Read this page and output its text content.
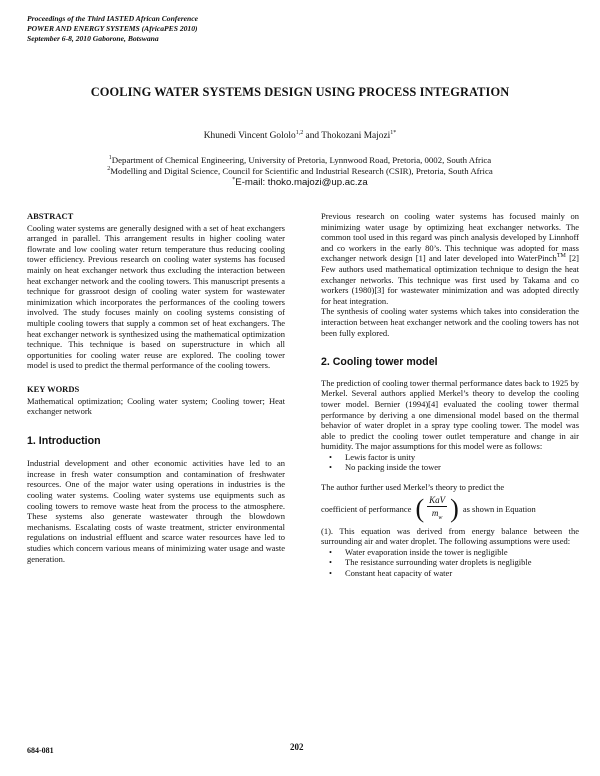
Proceedings of the Third IASTED African Conference
POWER AND ENERGY SYSTEMS (AfricaPES 2010)
September 6-8, 2010 Gaborone, Botswana
COOLING WATER SYSTEMS DESIGN USING PROCESS INTEGRATION
Khunedi Vincent Gololo$^{1,2}$ and Thokozani Majozi$^{1*}$
$^1$Department of Chemical Engineering, University of Pretoria, Lynnwood Road, Pretoria, 0002, South Africa
$^2$Modelling and Digital Science, Council for Scientific and Industrial Research (CSIR), Pretoria, South Africa
*E-mail: thoko.majozi@up.ac.za
ABSTRACT

Cooling water systems are generally designed with a set of heat exchangers arranged in parallel. This arrangement results in higher cooling water flowrate and low cooling water return temperature thus reducing cooling tower efficiency. Previous research on cooling water systems has focused mainly on heat exchanger network thus excluding the interaction between heat exchanger network and the cooling towers. This manuscript presents a technique for grassroot design of cooling water system for wastewater minimization which incorporates the performances of the cooling towers involved. The study focuses mainly on cooling systems consisting of multiple cooling towers that supply a common set of heat exchangers. The heat exchanger network is synthesized using the mathematical optimization technique. This technique is based on superstructure in which all opportunities for cooling water reuse are explored. The cooling tower model is used to predict the thermal performance of the cooling towers.

KEY WORDS

Mathematical optimization; Cooling water system; Cooling tower; Heat exchanger network

1. Introduction

Industrial development and other economic activities have led to an increase in fresh water consumption and contamination of freshwater resources. One of the major water using operations in industries is the cooling water systems. Cooling water systems use equipments such as cooling towers to remove waste heat from the process to the atmosphere. These systems also generate wastewater through the blowdown mechanisms. Escalating costs of waste treatment, stricter environmental regulations on industrial effluent and scarce water resources have led to studies which concern various means of minimizing water usage and waste generation.

Previous research on cooling water systems has focused mainly on minimizing water usage by optimizing heat exchanger networks. The common tool used in this regard was pinch analysis developed by Linnhoff and co workers in the early 80’s. This technique was adopted for mass exchanger network design [1] and later developed into WaterPinch™ [2] Few authors used mathematical optimization technique to design the heat exchanger networks. This technique was first used by Takama and co workers (1980)[3] for wastewater minimization and was adopted directly for heat integration.

The synthesis of cooling water systems which takes into consideration the interaction between heat exchanger network and the cooling towers has not been fully explored.

2. Cooling tower model

The prediction of cooling tower thermal performance dates back to 1925 by Merkel. Several authors applied Merkel’s theory to develop the cooling tower model. Bernier (1994)[4] evaluated the cooling tower thermal performance by deriving a one dimensional model based on the thermal behavior of water droplet in a spray type cooling tower. The model was able to predict the cooling tower outlet temperature and change in air humidity. The major assumptions for this model were as follows:

• Lewis factor is unity
• No packing inside the tower

The author further used Merkel’s theory to predict the

coefficient of performance ( $\frac{\text{KaV}}{m_w}$ ) as shown in Equation

(1). This equation was derived from energy balance between the surrounding air and water droplet. The following assumptions were used:

• Water evaporation inside the tower is negligible
• The resistance surrounding water droplets is negligible
• Constant heat capacity of water
684-081	202
